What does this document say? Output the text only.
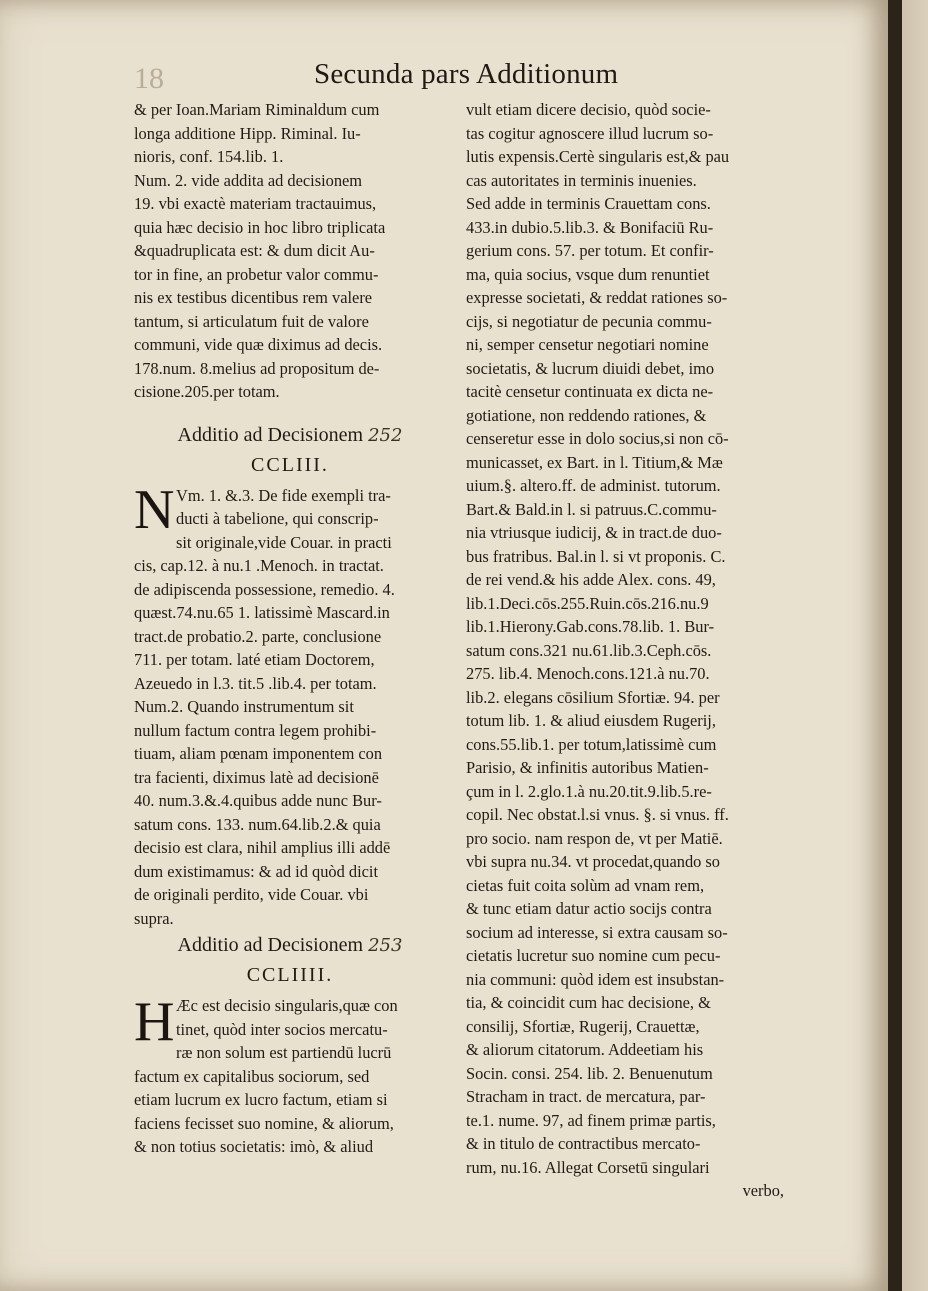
18	Secunda pars Additionum
& per Ioan.Mariam Riminaldum cum
longa additione Hipp. Riminal. Iu-
nioris, conf. 154.lib. 1.
Num. 2. vide addita ad decisionem
19. vbi exactè materiam tractauimus,
quia hæc decisio in hoc libro triplicata
&quadruplicata est: & dum dicit Au-
tor in fine, an probetur valor commu-
nis ex testibus dicentibus rem valere
tantum, si articulatum fuit de valore
communi, vide quæ diximus ad decis.
178.num. 8.melius ad propositum de-
cisione.205.per totam.
Additio ad Decisionem 252
CCLIII.
N Vm. 1. &.3. De fide exempli tra-
ducti à tabelione, qui conscrip-
sit originale,vide Couar. in practi
cis, cap.12. à nu.1 .Menoch. in tractat.
de adipiscenda possessione, remedio. 4.
quæst.74.nu.65 1. latissimè Mascard.in
tract.de probatio.2. parte, conclusione
711. per totam. laté etiam Doctorem,
Azeuedo in l.3. tit.5 .lib.4. per totam.
Num.2. Quando instrumentum sit
nullum factum contra legem prohibi-
tiuam, aliam pœnam imponentem con
tra facienti, diximus latè ad decisionē
40. num.3.&.4.quibus adde nunc Bur-
satum cons. 133. num.64.lib.2.& quia
decisio est clara, nihil amplius illi addē
dum existimamus: & ad id quòd dicit
de originali perdito, vide Couar. vbi
supra.
Additio ad Decisionem 253
CCLIIII.
H Æc est decisio singularis,quæ con
tinet, quòd inter socios mercatu-
ræ non solum est partiendū lucrū
factum ex capitalibus sociorum, sed
etiam lucrum ex lucro factum, etiam si
faciens fecisset suo nomine, & aliorum,
& non totius societatis: imò, & aliud
vult etiam dicere decisio, quòd socie-
tas cogitur agnoscere illud lucrum so-
lutis expensis.Certè singularis est,& pau
cas autoritates in terminis inuenies.
Sed adde in terminis Crauettam cons.
433.in dubio.5.lib.3. & Bonifaciū Ru-
gerium cons. 57. per totum. Et confir-
ma, quia socius, vsque dum renuntiet
expresse societati, & reddat rationes so-
cijs, si negotiatur de pecunia commu-
ni, semper censetur negotiari nomine
societatis, & lucrum diuidi debet, imo
tacitè censetur continuata ex dicta ne-
gotiatione, non reddendo rationes, &
censeretur esse in dolo socius,si non cō-
municasset, ex Bart. in l. Titium,& Mæ
uium.§. altero.ff. de administ. tutorum.
Bart.& Bald.in l. si patruus.C.commu-
nia vtriusque iudicij, & in tract.de duo-
bus fratribus. Bal.in l. si vt proponis. C.
de rei vend.& his adde Alex. cons. 49,
lib.1.Deci.cōs.255.Ruin.cōs.216.nu.9
lib.1.Hierony.Gab.cons.78.lib. 1. Bur-
satum cons.321 nu.61.lib.3.Ceph.cōs.
275. lib.4. Menoch.cons.121.à nu.70.
lib.2. elegans cōsilium Sfortiæ. 94. per
totum lib. 1. & aliud eiusdem Rugerij,
cons.55.lib.1. per totum,latissimè cum
Parisio, & infinitis autoribus Matien-
çum in l. 2.glo.1.à nu.20.tit.9.lib.5.re-
copil. Nec obstat.l.si vnus. §. si vnus. ff.
pro socio. nam respon de, vt per Matiē.
vbi supra nu.34. vt procedat,quando so
cietas fuit coita solùm ad vnam rem,
& tunc etiam datur actio socijs contra
socium ad interesse, si extra causam so-
cietatis lucretur suo nomine cum pecu-
nia communi: quòd idem est insubstan-
tia, & coincidit cum hac decisione, &
consilij, Sfortiæ, Rugerij, Crauettæ,
& aliorum citatorum. Addeetiam his
Socin. consi. 254. lib. 2. Benuenutum
Stracham in tract. de mercatura, par-
te.1. nume. 97, ad finem primæ partis,
& in titulo de contractibus mercato-
rum, nu.16. Allegat Corsetū singulari
verbo,
